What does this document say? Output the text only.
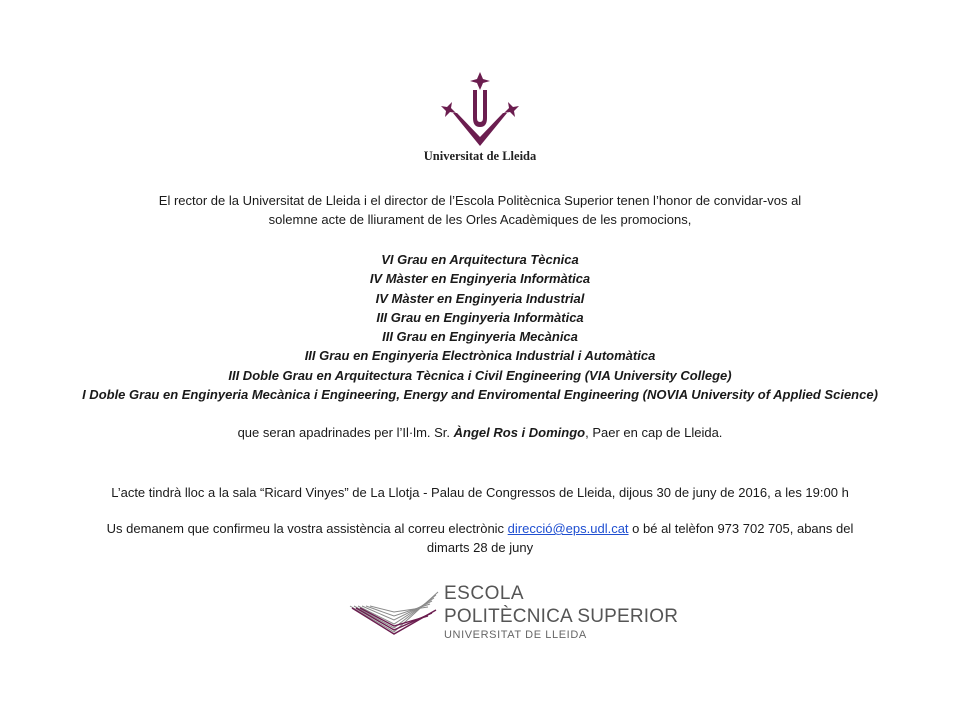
Universitat de Lleida
El rector de la Universitat de Lleida i el director de l’Escola Politècnica Superior tenen l’honor de convidar-vos al
solemne acte de lliurament de les Orles Acadèmiques de les promocions,
VI Grau en Arquitectura Tècnica
IV Màster en Enginyeria Informàtica
IV Màster en Enginyeria Industrial
III Grau en Enginyeria Informàtica
III Grau en Enginyeria Mecànica
III Grau en Enginyeria Electrònica Industrial i Automàtica
III Doble Grau en Arquitectura Tècnica i Civil Engineering (VIA University College)
I Doble Grau en Enginyeria Mecànica i Engineering, Energy and Enviromental Engineering (NOVIA University of Applied Science)
que seran apadrinades per l’Il·lm. Sr. Àngel Ros i Domingo, Paer en cap de Lleida.
L’acte tindrà lloc a la sala “Ricard Vinyes” de La Llotja - Palau de Congressos de Lleida, dijous 30 de juny de 2016, a les 19:00 h
Us demanem que confirmeu la vostra assistència al correu electrònic direcció@eps.udl.cat o bé al telèfon 973 702 705, abans del
dimarts 28 de juny
ESCOLA
POLITÈCNICA SUPERIOR
UNIVERSITAT DE LLEIDA
